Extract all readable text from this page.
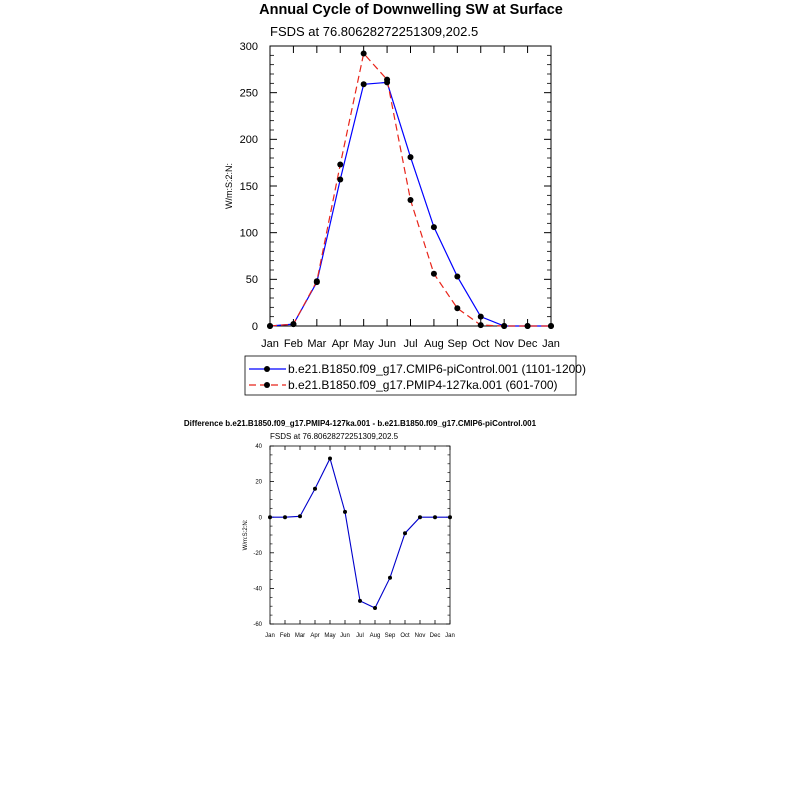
Annual Cycle of Downwelling SW at Surface
FSDS at 76.80628272251309,202.5
W/m:S:2:N:
0
50
100
150
200
250
300
Jan Feb Mar Apr May Jun Jul Aug Sep Oct Nov Dec Jan
b.e21.B1850.f09_g17.CMIP6-piControl.001 (1101-1200)
b.e21.B1850.f09_g17.PMIP4-127ka.001 (601-700)
Difference b.e21.B1850.f09_g17.PMIP4-127ka.001 - b.e21.B1850.f09_g17.CMIP6-piControl.001
FSDS at 76.80628272251309,202.5
W/m:S:2:N:
-60
-40
-20
0
20
40
Jan Feb Mar Apr May Jun Jul Aug Sep Oct Nov Dec Jan
